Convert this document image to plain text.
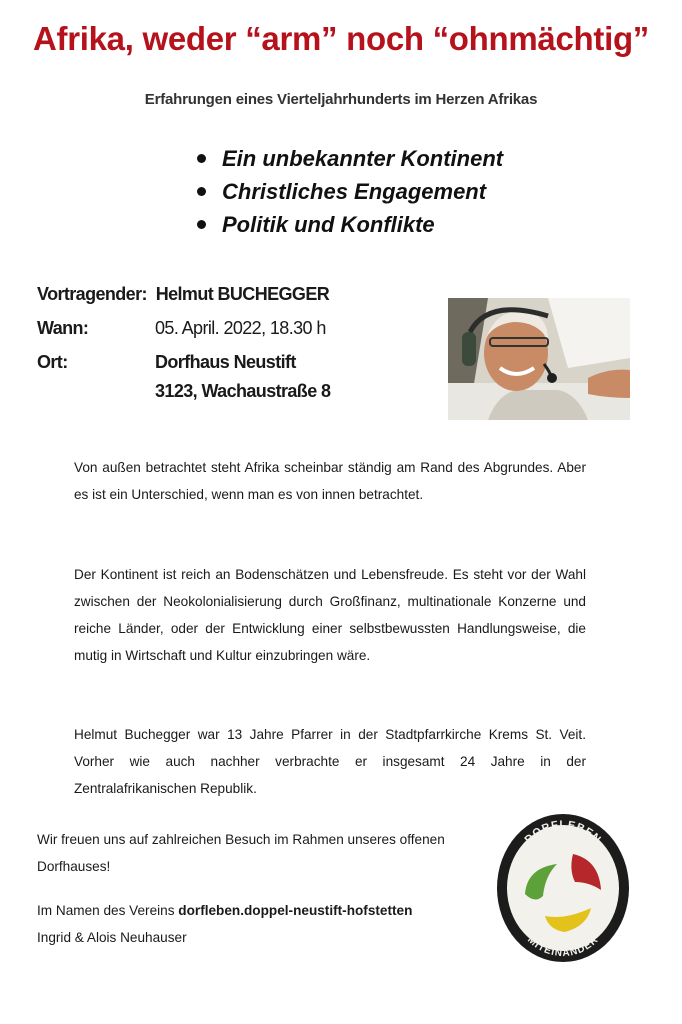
Afrika, weder “arm” noch “ohnmächtig”
Erfahrungen eines Vierteljahrhunderts im Herzen Afrikas
Ein unbekannter Kontinent
Christliches Engagement
Politik und Konflikte
Vortragender: Helmut BUCHEGGER
Wann:	05. April. 2022, 18.30 h
Ort:	Dorfhaus Neustift
3123, Wachaustraße 8
Von außen betrachtet steht Afrika scheinbar ständig am Rand des Abgrundes. Aber es ist ein Unterschied, wenn man es von innen betrachtet.
Der Kontinent ist reich an Bodenschätzen und Lebensfreude. Es steht vor der Wahl zwischen der Neokolonialisierung durch Großfinanz, multinationale Konzerne und reiche Länder, oder der Entwicklung einer selbstbewussten Handlungsweise, die mutig in Wirtschaft und Kultur einzubringen wäre.
Helmut Buchegger war 13 Jahre Pfarrer in der Stadtpfarrkirche Krems St. Veit. Vorher wie auch nachher verbrachte er insgesamt 24 Jahre in der Zentralafrikanischen Republik.
Wir freuen uns auf zahlreichen Besuch im Rahmen unseres offenen Dorfhauses!
Im Namen des Vereins dorfleben.doppel-neustift-hofstetten
Ingrid & Alois Neuhauser
DORFLEBEN
MITEINANDER
